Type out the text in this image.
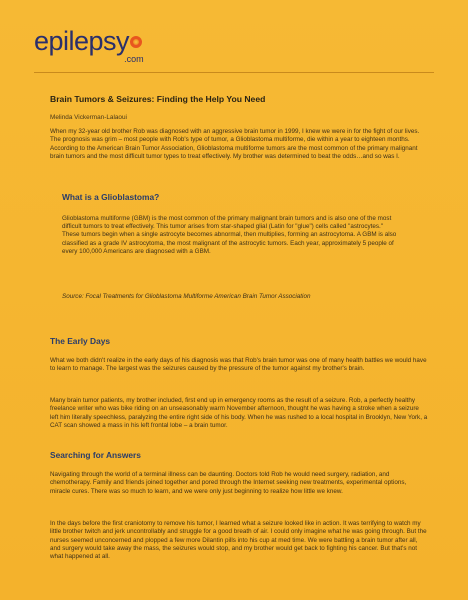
epilepsy
.com
Brain Tumors & Seizures: Finding the Help You Need
Melinda Vickerman-Lalaoui
When my 32-year old brother Rob was diagnosed with an aggressive brain tumor in 1999, I knew we were in for the fight of our lives. The prognosis was grim – most people with Rob's type of tumor, a Glioblastoma multiforme, die within a year to eighteen months. According to the American Brain Tumor Association, Glioblastoma multiforme tumors are the most common of the primary malignant brain tumors and the most difficult tumor types to treat effectively. My brother was determined to beat the odds…and so was I.
What is a Glioblastoma?
Glioblastoma multiforme (GBM) is the most common of the primary malignant brain tumors and is also one of the most difficult tumors to treat effectively. This tumor arises from star-shaped glial (Latin for "glue") cells called "astrocytes." These tumors begin when a single astrocyte becomes abnormal, then multiplies, forming an astrocytoma. A GBM is also classified as a grade IV astrocytoma, the most malignant of the astrocytic tumors. Each year, approximately 5 people of every 100,000 Americans are diagnosed with a GBM.
Source: Focal Treatments for Glioblastoma Multiforme American Brain Tumor Association
The Early Days
What we both didn't realize in the early days of his diagnosis was that Rob's brain tumor was one of many health battles we would have to learn to manage. The largest was the seizures caused by the pressure of the tumor against my brother's brain.
Many brain tumor patients, my brother included, first end up in emergency rooms as the result of a seizure. Rob, a perfectly healthy freelance writer who was bike riding on an unseasonably warm November afternoon, thought he was having a stroke when a seizure left him literally speechless, paralyzing the entire right side of his body. When he was rushed to a local hospital in Brooklyn, New York, a CAT scan showed a mass in his left frontal lobe – a brain tumor.
Searching for Answers
Navigating through the world of a terminal illness can be daunting. Doctors told Rob he would need surgery, radiation, and chemotherapy. Family and friends joined together and pored through the Internet seeking new treatments, experimental options, miracle cures. There was so much to learn, and we were only just beginning to realize how little we knew.
In the days before the first craniotomy to remove his tumor, I learned what a seizure looked like in action. It was terrifying to watch my little brother twitch and jerk uncontrollably and struggle for a good breath of air. I could only imagine what he was going through. But the nurses seemed unconcerned and plopped a few more Dilantin pills into his cup at med time. We were battling a brain tumor after all, and surgery would take away the mass, the seizures would stop, and my brother would get back to fighting his cancer. But that's not what happened at all.
